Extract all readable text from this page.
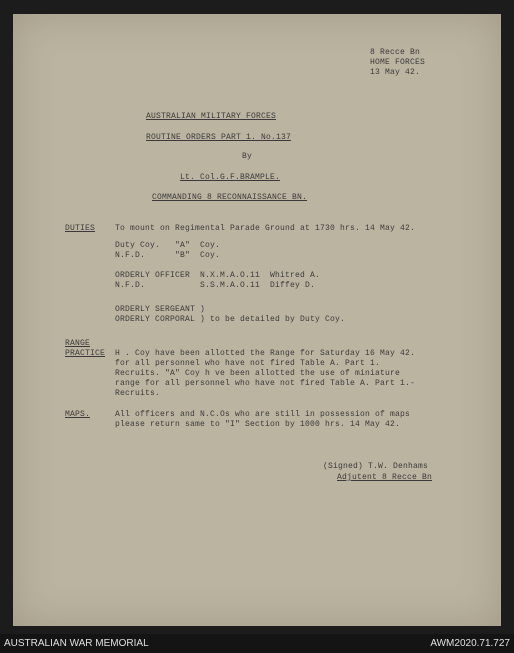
8 Recce Bn
HOME FORCES
13 May 42.
AUSTRALIAN MILITARY FORCES
ROUTINE ORDERS PART 1. No.137
By
Lt. Col.G.F.BRAMPLE.
COMMANDING 8 RECONNAISSANCE BN.
DUTIES To mount on Regimental Parade Ground at 1730 hrs. 14 May 42.
Duty Coy.   "A"  Coy.
N.F.D.      "B"  Coy.
ORDERLY OFFICER  N.X.M.A.O.11  Whitred A.
N.F.D.           S.S.M.A.O.11  Diffey D.
ORDERLY SERGEANT )
ORDERLY CORPORAL ) to be detailed by Duty Coy.
RANGE
PRACTICE H . Coy have been allotted the Range for Saturday 16 May 42.
for all personnel who have not fired Table A. Part 1.
Recruits. "A" Coy h ve been allotted the use of miniature
range for all personnel who have not fired Table A. Part 1.-
Recruits.
MAPS.	All officers and N.C.Os who are still in possession of maps
please return same to "I" Section by 1000 hrs. 14 May 42.
(Signed) T.W. Denhams
Adjutent 8 Recce Bn
AUSTRALIAN WAR MEMORIAL	AWM2020.71.727
